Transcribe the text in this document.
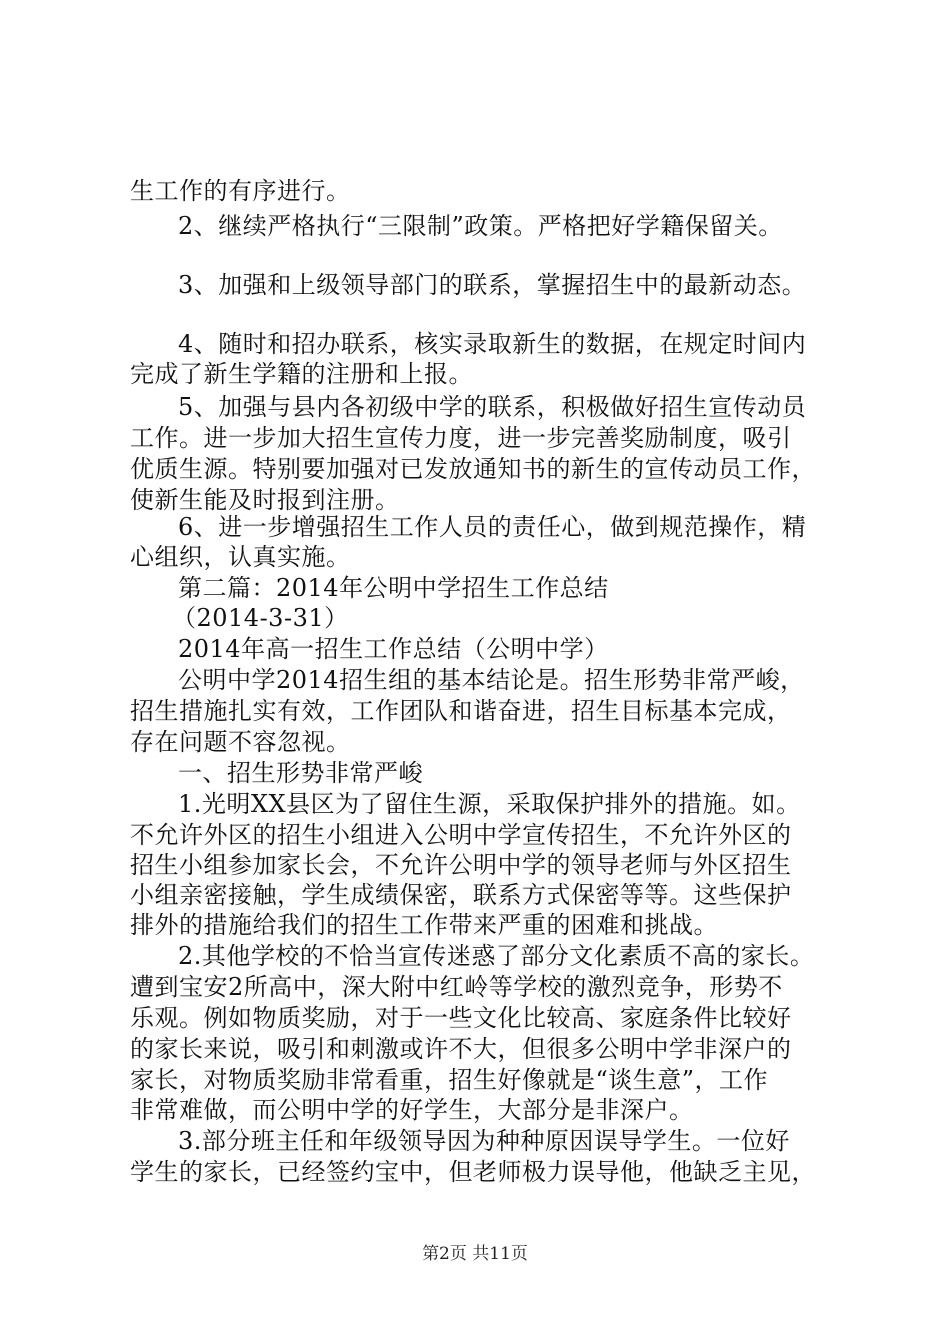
生工作的有序进行。
2、继续严格执行“三限制”政策。严格把好学籍保留关。
3、加强和上级领导部门的联系，掌握招生中的最新动态。
4、随时和招办联系，核实录取新生的数据，在规定时间内
完成了新生学籍的注册和上报。
5、加强与县内各初级中学的联系，积极做好招生宣传动员
工作。进一步加大招生宣传力度，进一步完善奖励制度，吸引
优质生源。特别要加强对已发放通知书的新生的宣传动员工作，
使新生能及时报到注册。
6、进一步增强招生工作人员的责任心，做到规范操作，精
心组织，认真实施。
第二篇：2014年公明中学招生工作总结
（2014-3-31）
2014年高一招生工作总结（公明中学）
公明中学2014招生组的基本结论是。招生形势非常严峻，
招生措施扎实有效，工作团队和谐奋进，招生目标基本完成，
存在问题不容忽视。
一、招生形势非常严峻
1.光明XX县区为了留住生源，采取保护排外的措施。如。
不允许外区的招生小组进入公明中学宣传招生，不允许外区的
招生小组参加家长会，不允许公明中学的领导老师与外区招生
小组亲密接触，学生成绩保密，联系方式保密等等。这些保护
排外的措施给我们的招生工作带来严重的困难和挑战。
2.其他学校的不恰当宣传迷惑了部分文化素质不高的家长。
遭到宝安2所高中，深大附中红岭等学校的激烈竞争，形势不
乐观。例如物质奖励，对于一些文化比较高、家庭条件比较好
的家长来说，吸引和刺激或许不大，但很多公明中学非深户的
家长，对物质奖励非常看重，招生好像就是“谈生意”，工作
非常难做，而公明中学的好学生，大部分是非深户。
3.部分班主任和年级领导因为种种原因误导学生。一位好
学生的家长，已经签约宝中，但老师极力误导他，他缺乏主见，
第2页 共11页
